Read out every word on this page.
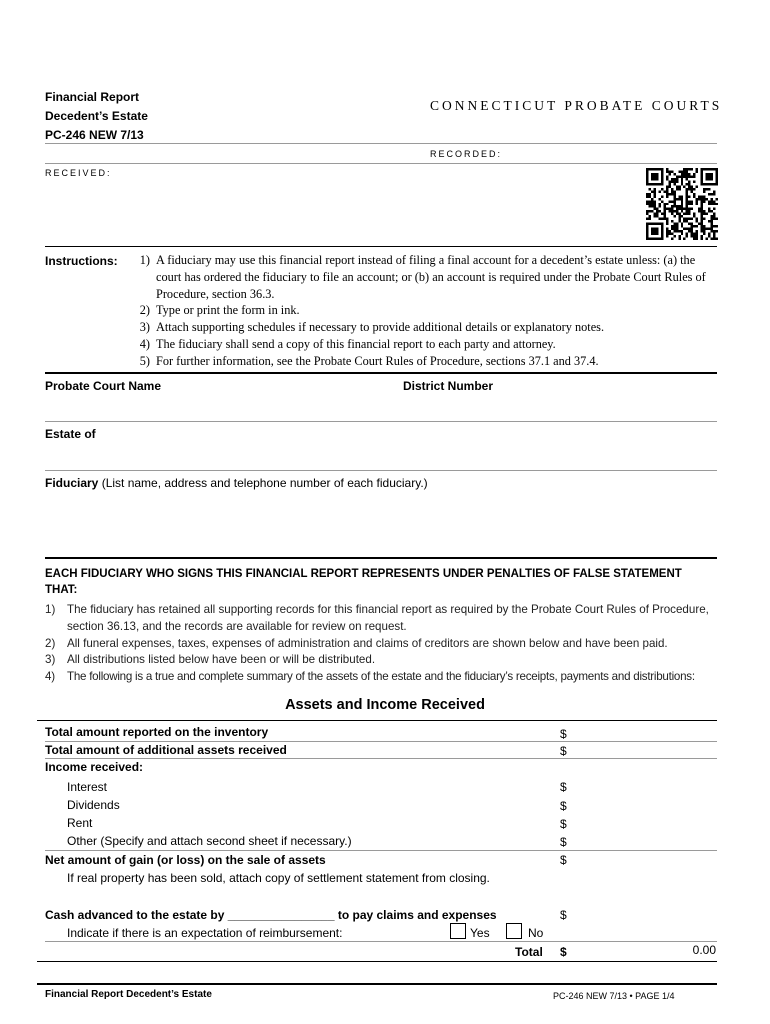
Financial Report
Decedent’s Estate
PC-246 NEW 7/13
CONNECTICUT PROBATE COURTS
RECORDED:
RECEIVED:
Instructions:	1) A fiduciary may use this financial report instead of filing a final account for a decedent’s estate unless: (a) the court has ordered the fiduciary to file an account; or (b) an account is required under the Probate Court Rules of Procedure, section 36.3.
2) Type or print the form in ink.
3) Attach supporting schedules if necessary to provide additional details or explanatory notes.
4) The fiduciary shall send a copy of this financial report to each party and attorney.
5) For further information, see the Probate Court Rules of Procedure, sections 37.1 and 37.4.
Probate Court Name	District Number
Estate of
Fiduciary (List name, address and telephone number of each fiduciary.)
EACH FIDUCIARY WHO SIGNS THIS FINANCIAL REPORT REPRESENTS UNDER PENALTIES OF FALSE STATEMENT THAT:
1) The fiduciary has retained all supporting records for this financial report as required by the Probate Court Rules of Procedure, section 36.13, and the records are available for review on request.
2) All funeral expenses, taxes, expenses of administration and claims of creditors are shown below and have been paid.
3) All distributions listed below have been or will be distributed.
4) The following is a true and complete summary of the assets of the estate and the fiduciary’s receipts, payments and distributions:
Assets and Income Received
Total amount reported on the inventory	$
Total amount of additional assets received	$
Income received:
Interest	$
Dividends	$
Rent	$
Other (Specify and attach second sheet if necessary.)	$
Net amount of gain (or loss) on the sale of assets	$
If real property has been sold, attach copy of settlement statement from closing.
Cash advanced to the estate by ________________ to pay claims and expenses	$
Indicate if there is an expectation of reimbursement:	Yes	No
Total $	0.00
Financial Report Decedent’s Estate	PC-246 NEW 7/13 • PAGE 1/4
